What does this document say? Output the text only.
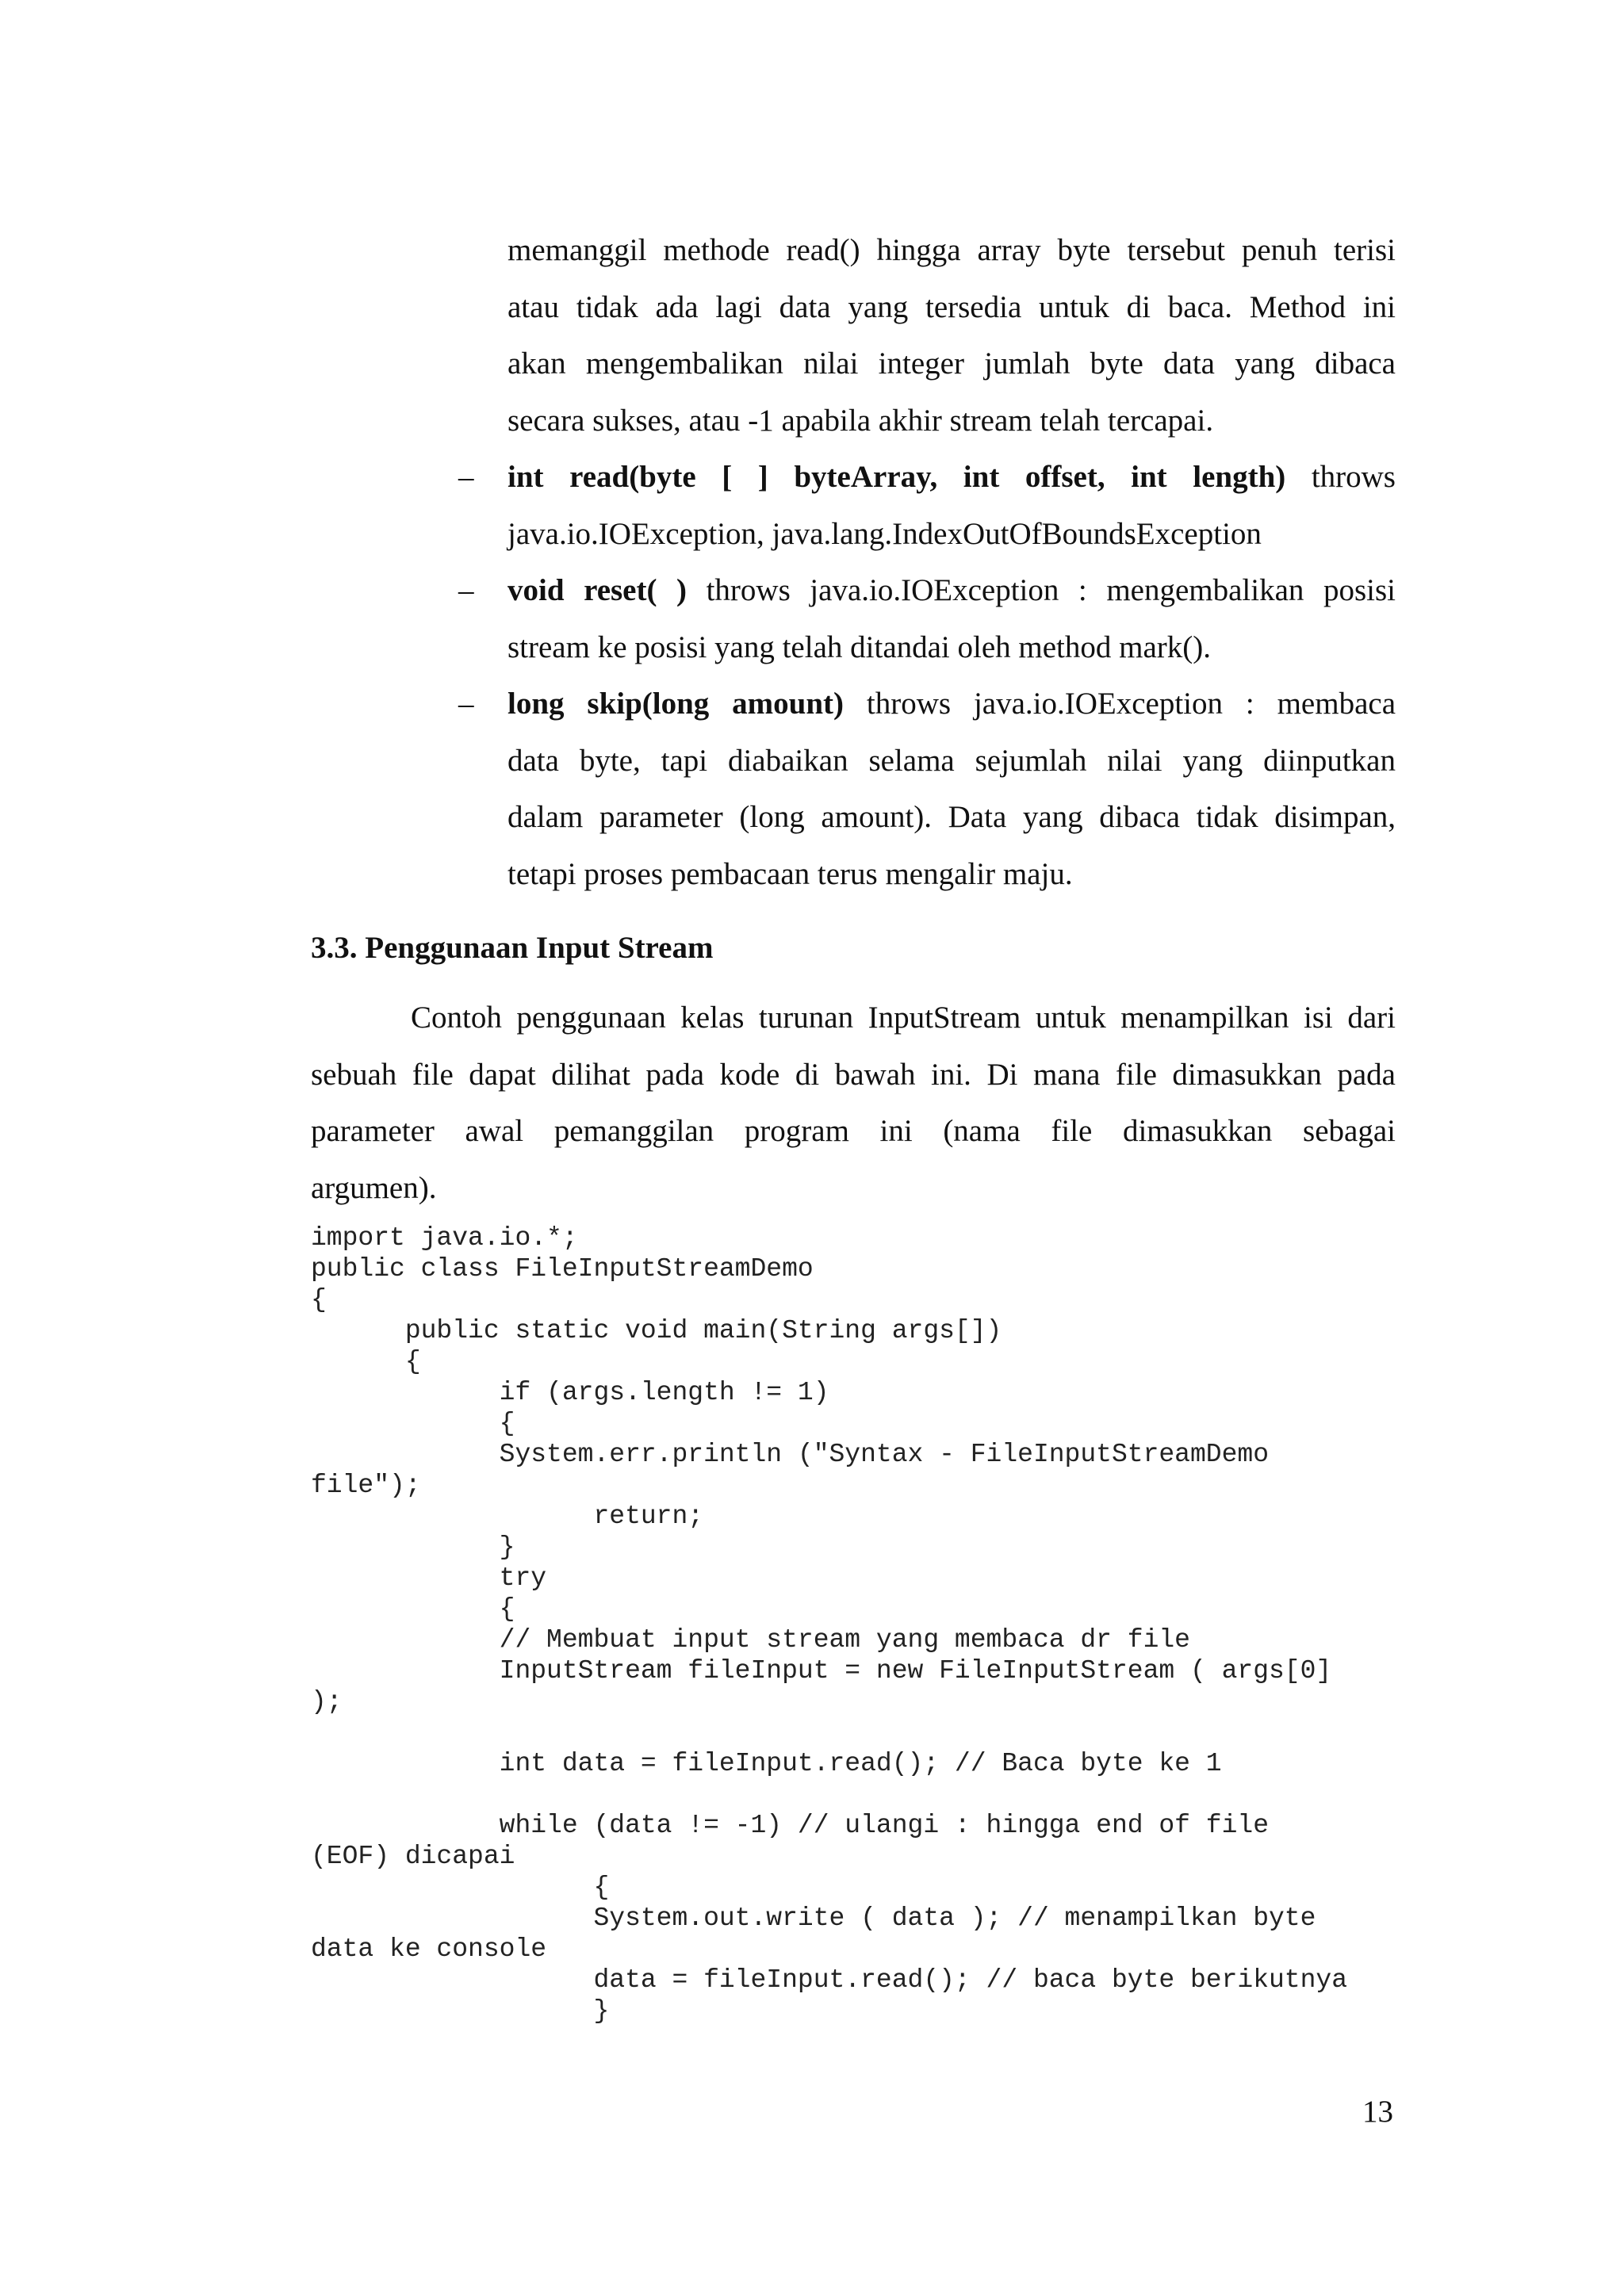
memanggil methode read() hingga array byte tersebut penuh terisi
atau tidak ada lagi data yang tersedia untuk di baca. Method ini
akan mengembalikan nilai integer jumlah byte data yang dibaca
secara sukses, atau -1 apabila akhir stream telah tercapai.
–	int read(byte [ ] byteArray, int offset, int length) throws
java.io.IOException, java.lang.IndexOutOfBoundsException
–	void reset( ) throws java.io.IOException : mengembalikan posisi
stream ke posisi yang telah ditandai oleh method mark().
–	long skip(long amount) throws java.io.IOException : membaca
data byte, tapi diabaikan selama sejumlah nilai yang diinputkan
dalam parameter (long amount). Data yang dibaca tidak disimpan,
tetapi proses pembacaan terus mengalir maju.
3.3. Penggunaan Input Stream
Contoh penggunaan kelas turunan InputStream untuk menampilkan isi dari
sebuah file dapat dilihat pada kode di bawah ini. Di mana file dimasukkan pada
parameter awal pemanggilan program ini (nama file dimasukkan sebagai
argumen).
import java.io.*;
public class FileInputStreamDemo
{
public static void main(String args[])
{
if (args.length != 1)
{
System.err.println ("Syntax - FileInputStreamDemo
file");
return;
}
try
{
// Membuat input stream yang membaca dr file
InputStream fileInput = new FileInputStream ( args[0]
);
int data = fileInput.read(); // Baca byte ke 1
while (data != -1) // ulangi : hingga end of file
(EOF) dicapai
{
System.out.write ( data ); // menampilkan byte
data ke console
data = fileInput.read(); // baca byte berikutnya
}
13
